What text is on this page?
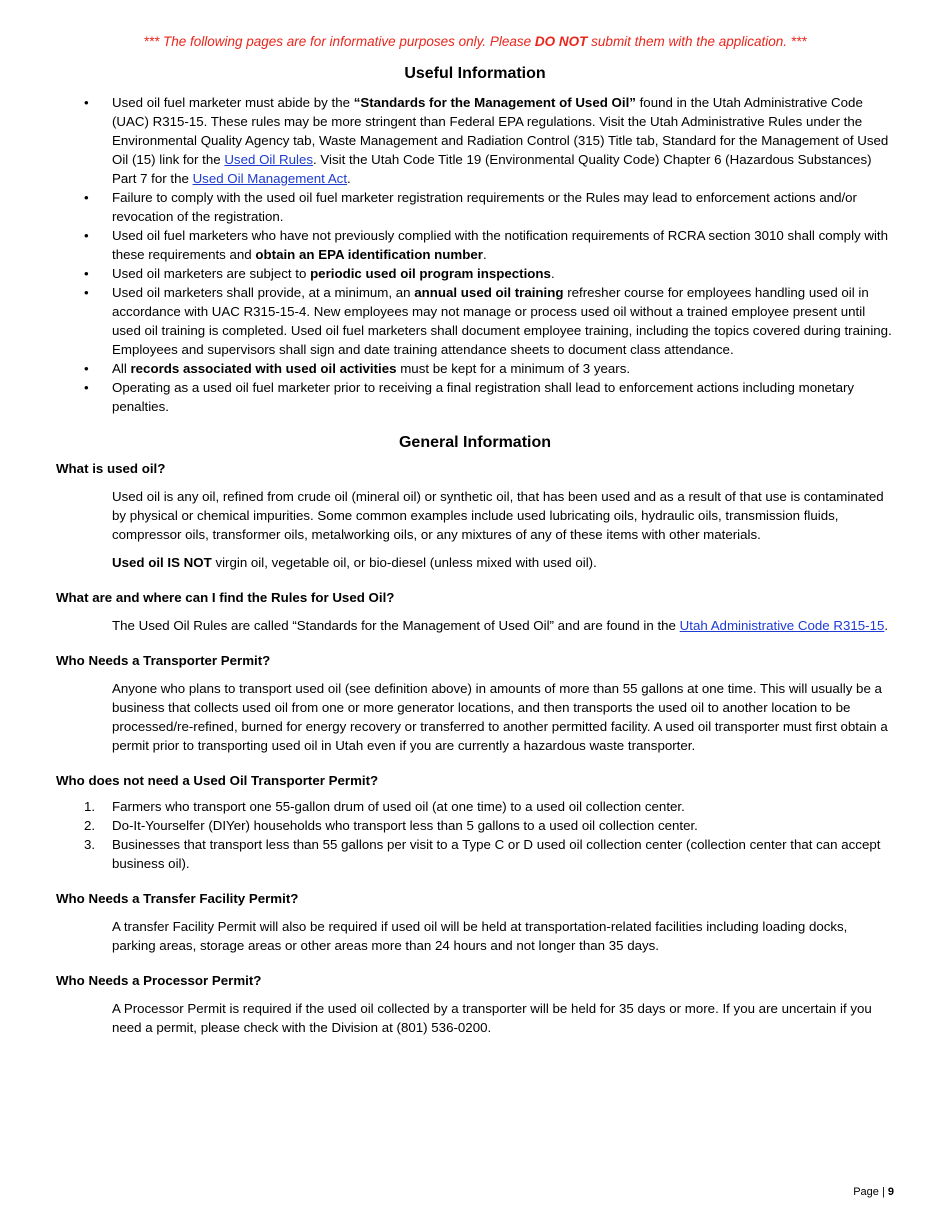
*** The following pages are for informative purposes only. Please DO NOT submit them with the application. ***
Useful Information
• Used oil fuel marketer must abide by the “Standards for the Management of Used Oil” found in the Utah Administrative Code (UAC) R315-15. These rules may be more stringent than Federal EPA regulations. Visit the Utah Administrative Rules under the Environmental Quality Agency tab, Waste Management and Radiation Control (315) Title tab, Standard for the Management of Used Oil (15) link for the Used Oil Rules. Visit the Utah Code Title 19 (Environmental Quality Code) Chapter 6 (Hazardous Substances) Part 7 for the Used Oil Management Act.
• Failure to comply with the used oil fuel marketer registration requirements or the Rules may lead to enforcement actions and/or revocation of the registration.
• Used oil fuel marketers who have not previously complied with the notification requirements of RCRA section 3010 shall comply with these requirements and obtain an EPA identification number.
• Used oil marketers are subject to periodic used oil program inspections.
• Used oil marketers shall provide, at a minimum, an annual used oil training refresher course for employees handling used oil in accordance with UAC R315-15-4. New employees may not manage or process used oil without a trained employee present until used oil training is completed. Used oil fuel marketers shall document employee training, including the topics covered during training. Employees and supervisors shall sign and date training attendance sheets to document class attendance.
• All records associated with used oil activities must be kept for a minimum of 3 years.
• Operating as a used oil fuel marketer prior to receiving a final registration shall lead to enforcement actions including monetary penalties.
General Information
What is used oil?

Used oil is any oil, refined from crude oil (mineral oil) or synthetic oil, that has been used and as a result of that use is contaminated by physical or chemical impurities. Some common examples include used lubricating oils, hydraulic oils, transmission fluids, compressor oils, transformer oils, metalworking oils, or any mixtures of any of these items with other materials.

Used oil IS NOT virgin oil, vegetable oil, or bio-diesel (unless mixed with used oil).

What are and where can I find the Rules for Used Oil?

The Used Oil Rules are called “Standards for the Management of Used Oil” and are found in the Utah Administrative Code R315-15.

Who Needs a Transporter Permit?

Anyone who plans to transport used oil (see definition above) in amounts of more than 55 gallons at one time. This will usually be a business that collects used oil from one or more generator locations, and then transports the used oil to another location to be processed/re-refined, burned for energy recovery or transferred to another permitted facility. A used oil transporter must first obtain a permit prior to transporting used oil in Utah even if you are currently a hazardous waste transporter.

Who does not need a Used Oil Transporter Permit?
1. Farmers who transport one 55-gallon drum of used oil (at one time) to a used oil collection center.
2. Do-It-Yourselfer (DIYer) households who transport less than 5 gallons to a used oil collection center.
3. Businesses that transport less than 55 gallons per visit to a Type C or D used oil collection center (collection center that can accept business oil).
Who Needs a Transfer Facility Permit?

A transfer Facility Permit will also be required if used oil will be held at transportation-related facilities including loading docks, parking areas, storage areas or other areas more than 24 hours and not longer than 35 days.

Who Needs a Processor Permit?

A Processor Permit is required if the used oil collected by a transporter will be held for 35 days or more. If you are uncertain if you need a permit, please check with the Division at (801) 536-0200.

Page | 9
